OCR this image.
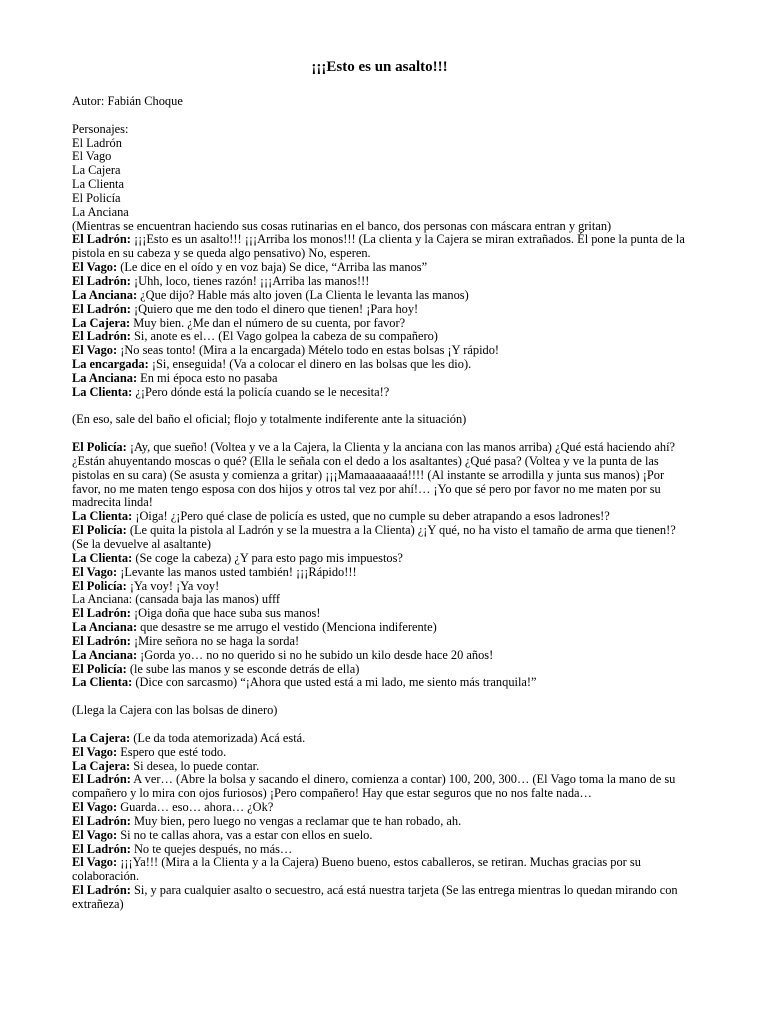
¡¡¡Esto es un asalto!!!
Autor: Fabián Choque
Personajes:
El Ladrón
El Vago
La Cajera
La Clienta
El Policía
La Anciana
(Mientras se encuentran haciendo sus cosas rutinarias en el banco, dos personas con máscara entran y gritan)
El Ladrón: ¡¡¡Esto es un asalto!!! ¡¡¡Arriba los monos!!! (La clienta y la Cajera se miran extrañados. Él pone la punta de la pistola en su cabeza y se queda algo pensativo) No, esperen.
El Vago: (Le dice en el oído y en voz baja) Se dice, “Arriba las manos”
El Ladrón: ¡Uhh, loco, tienes razón! ¡¡¡Arriba las manos!!!
La Anciana: ¿Que dijo? Hable más alto joven (La Clienta le levanta las manos)
El Ladrón: ¡Quiero que me den todo el dinero que tienen! ¡Para hoy!
La Cajera: Muy bien. ¿Me dan el número de su cuenta, por favor?
El Ladrón: Si, anote es el… (El Vago golpea la cabeza de su compañero)
El Vago: ¡No seas tonto! (Mira a la encargada) Mételo todo en estas bolsas ¡Y rápido!
La encargada: ¡Si, enseguida! (Va a colocar el dinero en las bolsas que les dio).
La Anciana: En mi época esto no pasaba
La Clienta: ¿¡Pero dónde está la policía cuando se le necesita!?
(En eso, sale del baño el oficial; flojo y totalmente indiferente ante la situación)
El Policía: ¡Ay, que sueño! (Voltea y ve a la Cajera, la Clienta y la anciana con las manos arriba) ¿Qué está haciendo ahí? ¿Están ahuyentando moscas o qué? (Ella le señala con el dedo a los asaltantes) ¿Qué pasa? (Voltea y ve la punta de las pistolas en su cara) (Se asusta y comienza a gritar) ¡¡¡Mamaaaaaaaá!!!! (Al instante se arrodilla y junta sus manos) ¡Por favor, no me maten tengo esposa con dos hijos y otros tal vez por ahí!… ¡Yo que sé pero por favor no me maten por su madrecita linda!
La Clienta: ¡Oiga! ¿¡Pero qué clase de policía es usted, que no cumple su deber atrapando a esos ladrones!?
El Policía: (Le quita la pistola al Ladrón y se la muestra a la Clienta) ¿¡Y qué, no ha visto el tamaño de arma que tienen!? (Se la devuelve al asaltante)
La Clienta: (Se coge la cabeza) ¿Y para esto pago mis impuestos?
El Vago: ¡Levante las manos usted también! ¡¡¡Rápido!!!
El Policía: ¡Ya voy! ¡Ya voy!
La Anciana: (cansada baja las manos) ufff
El Ladrón: ¡Oiga doña que hace suba sus manos!
La Anciana: que desastre se me arrugo el vestido (Menciona indiferente)
El Ladrón: ¡Mire señora no se haga la sorda!
La Anciana: ¡Gorda yo… no no querido si no he subido un kilo desde hace 20 años!
El Policía: (le sube las manos y se esconde detrás de ella)
La Clienta: (Dice con sarcasmo) “¡Ahora que usted está a mi lado, me siento más tranquila!”
(Llega la Cajera con las bolsas de dinero)
La Cajera: (Le da toda atemorizada) Acá está.
El Vago: Espero que esté todo.
La Cajera: Si desea, lo puede contar.
El Ladrón: A ver… (Abre la bolsa y sacando el dinero, comienza a contar) 100, 200, 300… (El Vago toma la mano de su compañero y lo mira con ojos furiosos) ¡Pero compañero! Hay que estar seguros que no nos falte nada…
El Vago: Guarda… eso… ahora… ¿Ok?
El Ladrón: Muy bien, pero luego no vengas a reclamar que te han robado, ah.
El Vago: Si no te callas ahora, vas a estar con ellos en suelo.
El Ladrón: No te quejes después, no más…
El Vago: ¡¡¡Ya!!! (Mira a la Clienta y a la Cajera) Bueno bueno, estos caballeros, se retiran. Muchas gracias por su colaboración.
El Ladrón: Si, y para cualquier asalto o secuestro, acá está nuestra tarjeta (Se las entrega mientras lo quedan mirando con extrañeza)
